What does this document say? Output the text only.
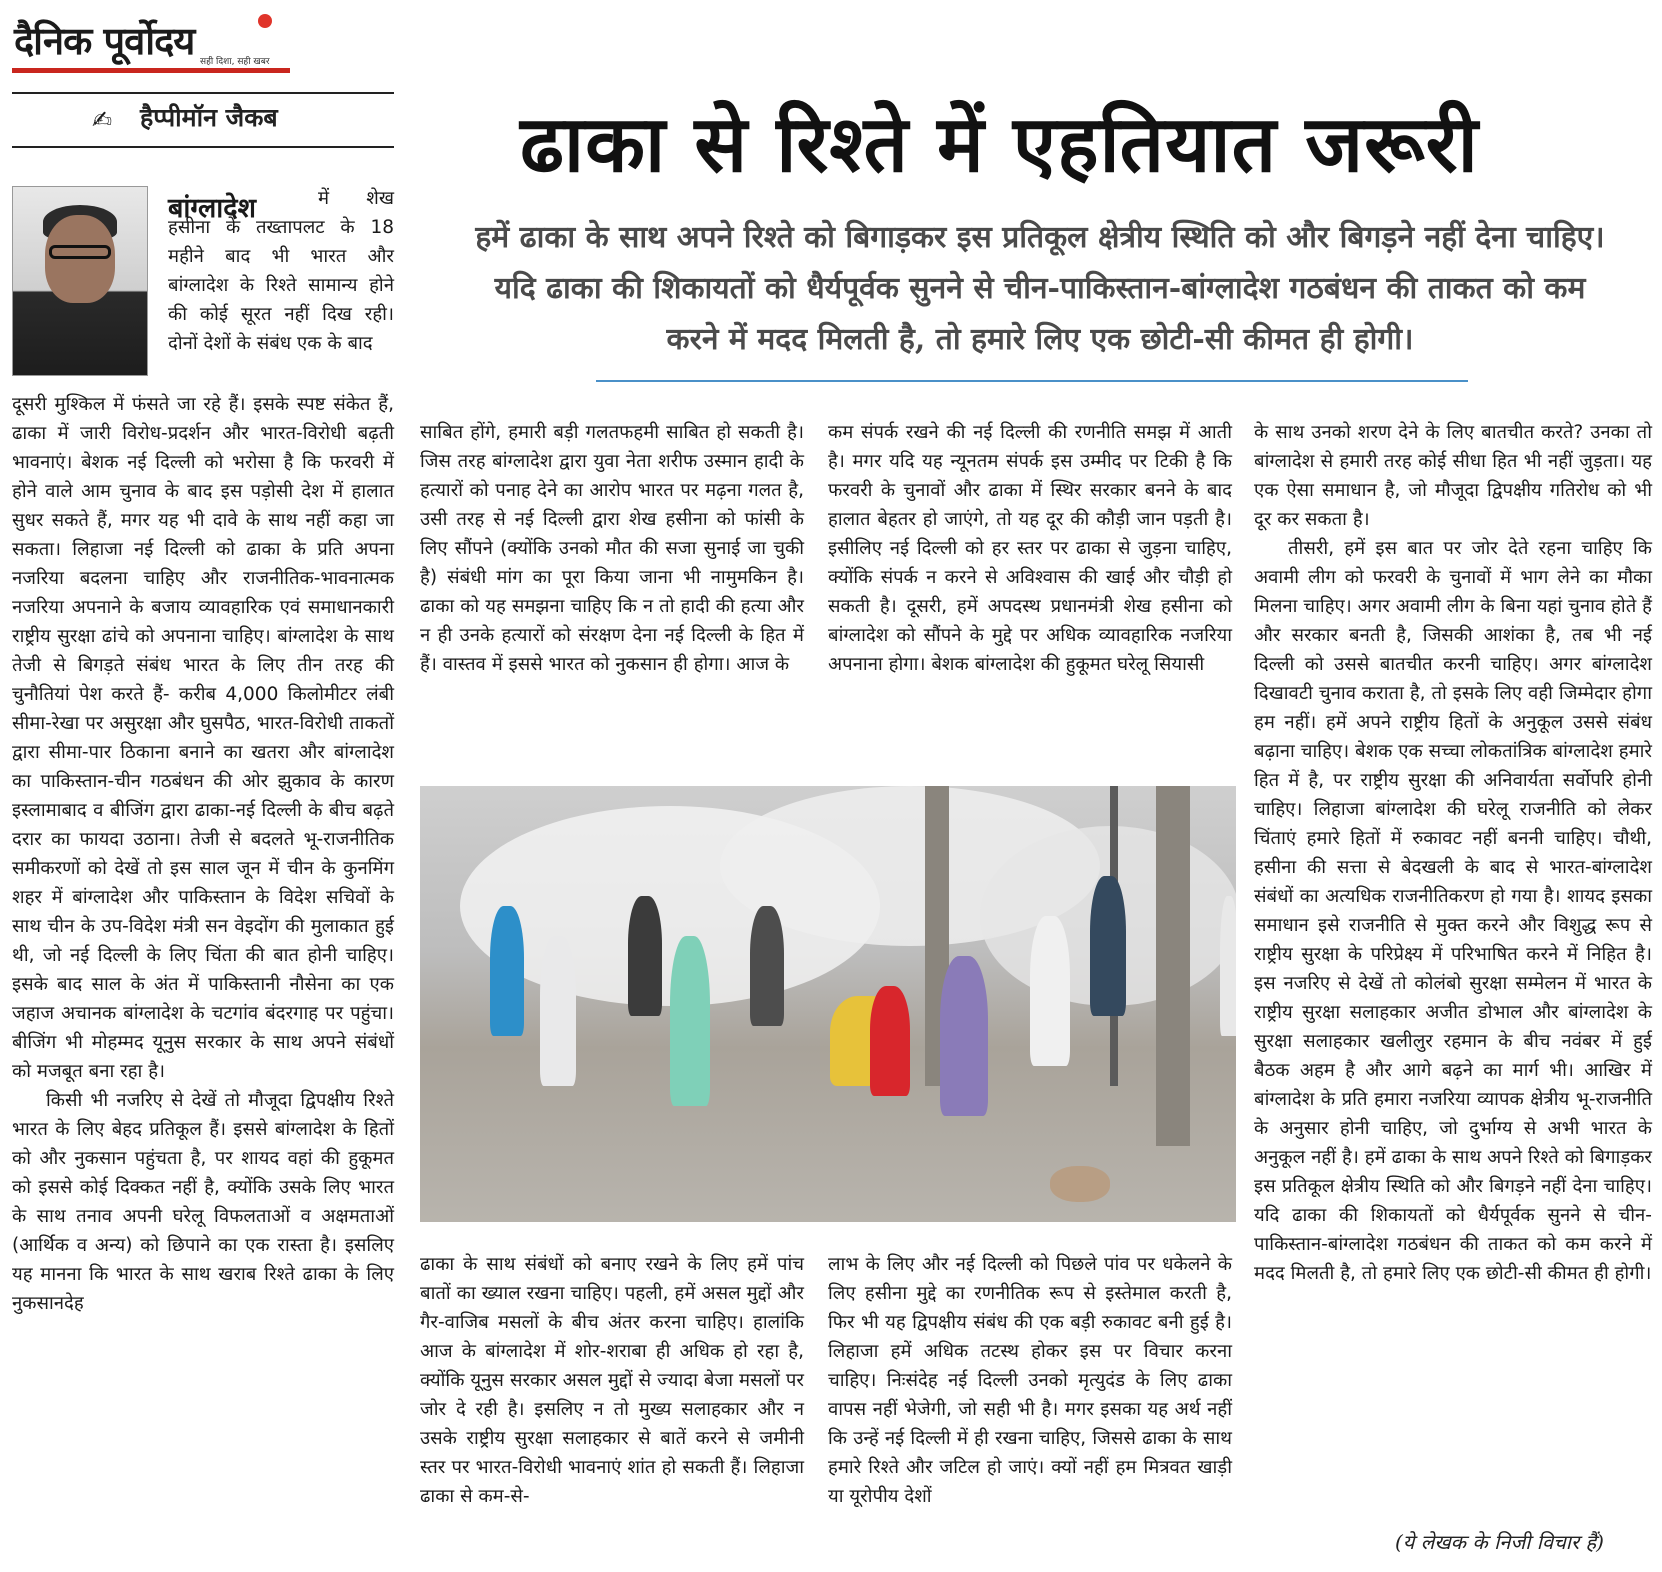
दैनिक पूर्वोदय सही दिशा, सही खबर
✍ हैप्पीमॉन जैकब	ढाका से रिश्ते में एहतियात जरूरी
हमें ढाका के साथ अपने रिश्ते को बिगाड़कर इस प्रतिकूल क्षेत्रीय स्थिति को और बिगड़ने नहीं देना चाहिए। यदि ढाका की शिकायतों को धैर्यपूर्वक सुनने से चीन-पाकिस्तान-बांग्लादेश गठबंधन की ताकत को कम करने में मदद मिलती है, तो हमारे लिए एक छोटी-सी कीमत ही होगी।
बांग्लादेश	में शेख हसीना के तख्तापलट के 18 महीने बाद भी भारत और बांग्लादेश के रिश्ते सामान्य होने की कोई सूरत नहीं दिख रही। दोनों देशों के संबंध एक के बाद

दूसरी मुश्किल में फंसते जा रहे हैं। इसके स्पष्ट संकेत हैं, ढाका में जारी विरोध-प्रदर्शन और भारत-विरोधी बढ़ती भावनाएं। बेशक नई दिल्ली को भरोसा है कि फरवरी में होने वाले आम चुनाव के बाद इस पड़ोसी देश में हालात सुधर सकते हैं, मगर यह भी दावे के साथ नहीं कहा जा सकता। लिहाजा नई दिल्ली को ढाका के प्रति अपना नजरिया बदलना चाहिए और राजनीतिक-भावनात्मक नजरिया अपनाने के बजाय व्यावहारिक एवं समाधानकारी राष्ट्रीय सुरक्षा ढांचे को अपनाना चाहिए। बांग्लादेश के साथ तेजी से बिगड़ते संबंध भारत के लिए तीन तरह की चुनौतियां पेश करते हैं- करीब 4,000 किलोमीटर लंबी सीमा-रेखा पर असुरक्षा और घुसपैठ, भारत-विरोधी ताकतों द्वारा सीमा-पार ठिकाना बनाने का खतरा और बांग्लादेश का पाकिस्तान-चीन गठबंधन की ओर झुकाव के कारण इस्लामाबाद व बीजिंग द्वारा ढाका-नई दिल्ली के बीच बढ़ते दरार का फायदा उठाना। तेजी से बदलते भू-राजनीतिक समीकरणों को देखें तो इस साल जून में चीन के कुनमिंग शहर में बांग्लादेश और पाकिस्तान के विदेश सचिवों के साथ चीन के उप-विदेश मंत्री सन वेइदोंग की मुलाकात हुई थी, जो नई दिल्ली के लिए चिंता की बात होनी चाहिए। इसके बाद साल के अंत में पाकिस्तानी नौसेना का एक जहाज अचानक बांग्लादेश के चटगांव बंदरगाह पर पहुंचा। बीजिंग भी मोहम्मद यूनुस सरकार के साथ अपने संबंधों को मजबूत बना रहा है।

किसी भी नजरिए से देखें तो मौजूदा द्विपक्षीय रिश्ते भारत के लिए बेहद प्रतिकूल हैं। इससे बांग्लादेश के हितों को और नुकसान पहुंचता है, पर शायद वहां की हुकूमत को इससे कोई दिक्कत नहीं है, क्योंकि उसके लिए भारत के साथ तनाव अपनी घरेलू विफलताओं व अक्षमताओं (आर्थिक व अन्य) को छिपाने का एक रास्ता है। इसलिए यह मानना कि भारत के साथ खराब रिश्ते ढाका के लिए नुकसानदेह

साबित होंगे, हमारी बड़ी गलतफहमी साबित हो सकती है। जिस तरह बांग्लादेश द्वारा युवा नेता शरीफ उस्मान हादी के हत्यारों को पनाह देने का आरोप भारत पर मढ़ना गलत है, उसी तरह से नई दिल्ली द्वारा शेख हसीना को फांसी के लिए सौंपने (क्योंकि उनको मौत की सजा सुनाई जा चुकी है) संबंधी मांग का पूरा किया जाना भी नामुमकिन है। ढाका को यह समझना चाहिए कि न तो हादी की हत्या और न ही उनके हत्यारों को संरक्षण देना नई दिल्ली के हित में हैं। वास्तव में इससे भारत को नुकसान ही होगा। आज के

ढाका के साथ संबंधों को बनाए रखने के लिए हमें पांच बातों का ख्याल रखना चाहिए। पहली, हमें असल मुद्दों और गैर-वाजिब मसलों के बीच अंतर करना चाहिए। हालांकि आज के बांग्लादेश में शोर-शराबा ही अधिक हो रहा है, क्योंकि यूनुस सरकार असल मुद्दों से ज्यादा बेजा मसलों पर जोर दे रही है। इसलिए न तो मुख्य सलाहकार और न उसके राष्ट्रीय सुरक्षा सलाहकार से बातें करने से जमीनी स्तर पर भारत-विरोधी भावनाएं शांत हो सकती हैं। लिहाजा ढाका से कम-से-

कम संपर्क रखने की नई दिल्ली की रणनीति समझ में आती है। मगर यदि यह न्यूनतम संपर्क इस उम्मीद पर टिकी है कि फरवरी के चुनावों और ढाका में स्थिर सरकार बनने के बाद हालात बेहतर हो जाएंगे, तो यह दूर की कौड़ी जान पड़ती है। इसीलिए नई दिल्ली को हर स्तर पर ढाका से जुड़ना चाहिए, क्योंकि संपर्क न करने से अविश्वास की खाई और चौड़ी हो सकती है। दूसरी, हमें अपदस्थ प्रधानमंत्री शेख हसीना को बांग्लादेश को सौंपने के मुद्दे पर अधिक व्यावहारिक नजरिया अपनाना होगा। बेशक बांग्लादेश की हुकूमत घरेलू सियासी

लाभ के लिए और नई दिल्ली को पिछले पांव पर धकेलने के लिए हसीना मुद्दे का रणनीतिक रूप से इस्तेमाल करती है, फिर भी यह द्विपक्षीय संबंध की एक बड़ी रुकावट बनी हुई है। लिहाजा हमें अधिक तटस्थ होकर इस पर विचार करना चाहिए। निःसंदेह नई दिल्ली उनको मृत्युदंड के लिए ढाका वापस नहीं भेजेगी, जो सही भी है। मगर इसका यह अर्थ नहीं कि उन्हें नई दिल्ली में ही रखना चाहिए, जिससे ढाका के साथ हमारे रिश्ते और जटिल हो जाएं। क्यों नहीं हम मित्रवत खाड़ी या यूरोपीय देशों

के साथ उनको शरण देने के लिए बातचीत करते? उनका तो बांग्लादेश से हमारी तरह कोई सीधा हित भी नहीं जुड़ता। यह एक ऐसा समाधान है, जो मौजूदा द्विपक्षीय गतिरोध को भी दूर कर सकता है।

तीसरी, हमें इस बात पर जोर देते रहना चाहिए कि अवामी लीग को फरवरी के चुनावों में भाग लेने का मौका मिलना चाहिए। अगर अवामी लीग के बिना यहां चुनाव होते हैं और सरकार बनती है, जिसकी आशंका है, तब भी नई दिल्ली को उससे बातचीत करनी चाहिए। अगर बांग्लादेश दिखावटी चुनाव कराता है, तो इसके लिए वही जिम्मेदार होगा हम नहीं। हमें अपने राष्ट्रीय हितों के अनुकूल उससे संबंध बढ़ाना चाहिए। बेशक एक सच्चा लोकतांत्रिक बांग्लादेश हमारे हित में है, पर राष्ट्रीय सुरक्षा की अनिवार्यता सर्वोपरि होनी चाहिए। लिहाजा बांग्लादेश की घरेलू राजनीति को लेकर चिंताएं हमारे हितों में रुकावट नहीं बननी चाहिए। चौथी, हसीना की सत्ता से बेदखली के बाद से भारत-बांग्लादेश संबंधों का अत्यधिक राजनीतिकरण हो गया है। शायद इसका समाधान इसे राजनीति से मुक्त करने और विशुद्ध रूप से राष्ट्रीय सुरक्षा के परिप्रेक्ष्य में परिभाषित करने में निहित है। इस नजरिए से देखें तो कोलंबो सुरक्षा सम्मेलन में भारत के राष्ट्रीय सुरक्षा सलाहकार अजीत डोभाल और बांग्लादेश के सुरक्षा सलाहकार खलीलुर रहमान के बीच नवंबर में हुई बैठक अहम है और आगे बढ़ने का मार्ग भी। आखिर में बांग्लादेश के प्रति हमारा नजरिया व्यापक क्षेत्रीय भू-राजनीति के अनुसार होनी चाहिए, जो दुर्भाग्य से अभी भारत के अनुकूल नहीं है। हमें ढाका के साथ अपने रिश्ते को बिगाड़कर इस प्रतिकूल क्षेत्रीय स्थिति को और बिगड़ने नहीं देना चाहिए। यदि ढाका की शिकायतों को धैर्यपूर्वक सुनने से चीन-पाकिस्तान-बांग्लादेश गठबंधन की ताकत को कम करने में मदद मिलती है, तो हमारे लिए एक छोटी-सी कीमत ही होगी।

(ये लेखक के निजी विचार हैं)
